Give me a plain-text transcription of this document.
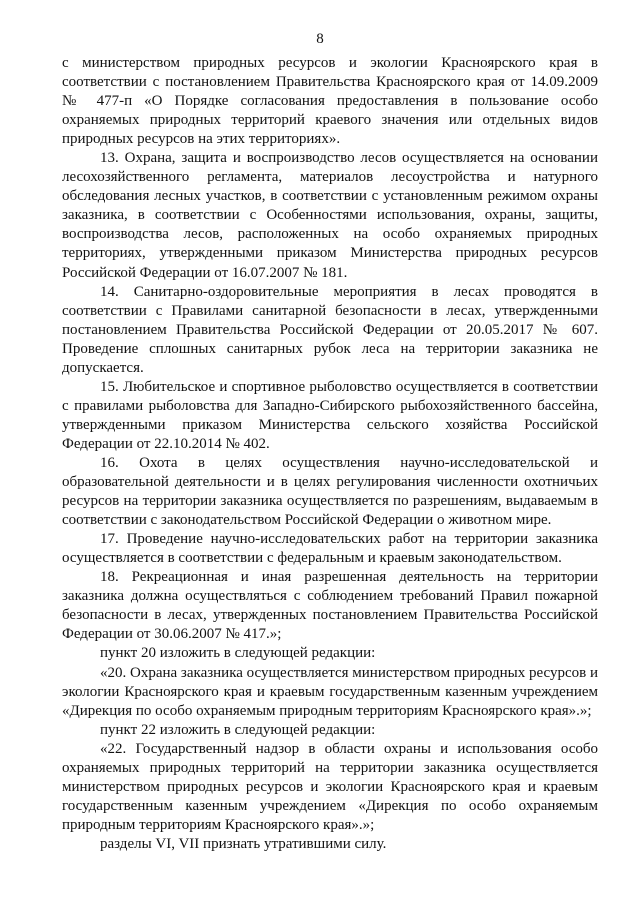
8

с министерством природных ресурсов и экологии Красноярского края в соответствии с постановлением Правительства Красноярского края от 14.09.2009 № 477-п «О Порядке согласования предоставления в пользование особо охраняемых природных территорий краевого значения или отдельных видов природных ресурсов на этих территориях».

13. Охрана, защита и воспроизводство лесов осуществляется на основании лесохозяйственного регламента, материалов лесоустройства и натурного обследования лесных участков, в соответствии с установленным режимом охраны заказника, в соответствии с Особенностями использования, охраны, защиты, воспроизводства лесов, расположенных на особо охраняемых природных территориях, утвержденными приказом Министерства природных ресурсов Российской Федерации от 16.07.2007 № 181.

14. Санитарно-оздоровительные мероприятия в лесах проводятся в соответствии с Правилами санитарной безопасности в лесах, утвержденными постановлением Правительства Российской Федерации от 20.05.2017 № 607. Проведение сплошных санитарных рубок леса на территории заказника не допускается.

15. Любительское и спортивное рыболовство осуществляется в соответствии с правилами рыболовства для Западно-Сибирского рыбохозяйственного бассейна, утвержденными приказом Министерства сельского хозяйства Российской Федерации от 22.10.2014 № 402.

16. Охота в целях осуществления научно-исследовательской и образовательной деятельности и в целях регулирования численности охотничьих ресурсов на территории заказника осуществляется по разрешениям, выдаваемым в соответствии с законодательством Российской Федерации о животном мире.

17. Проведение научно-исследовательских работ на территории заказника осуществляется в соответствии с федеральным и краевым законодательством.

18. Рекреационная и иная разрешенная деятельность на территории заказника должна осуществляться с соблюдением требований Правил пожарной безопасности в лесах, утвержденных постановлением Правительства Российской Федерации от 30.06.2007 № 417.»;

пункт 20 изложить в следующей редакции:

«20. Охрана заказника осуществляется министерством природных ресурсов и экологии Красноярского края и краевым государственным казенным учреждением «Дирекция по особо охраняемым природным территориям Красноярского края».»;

пункт 22 изложить в следующей редакции:

«22. Государственный надзор в области охраны и использования особо охраняемых природных территорий на территории заказника осуществляется министерством природных ресурсов и экологии Красноярского края и краевым государственным казенным учреждением «Дирекция по особо охраняемым природным территориям Красноярского края».»;

разделы VI, VII признать утратившими силу.
